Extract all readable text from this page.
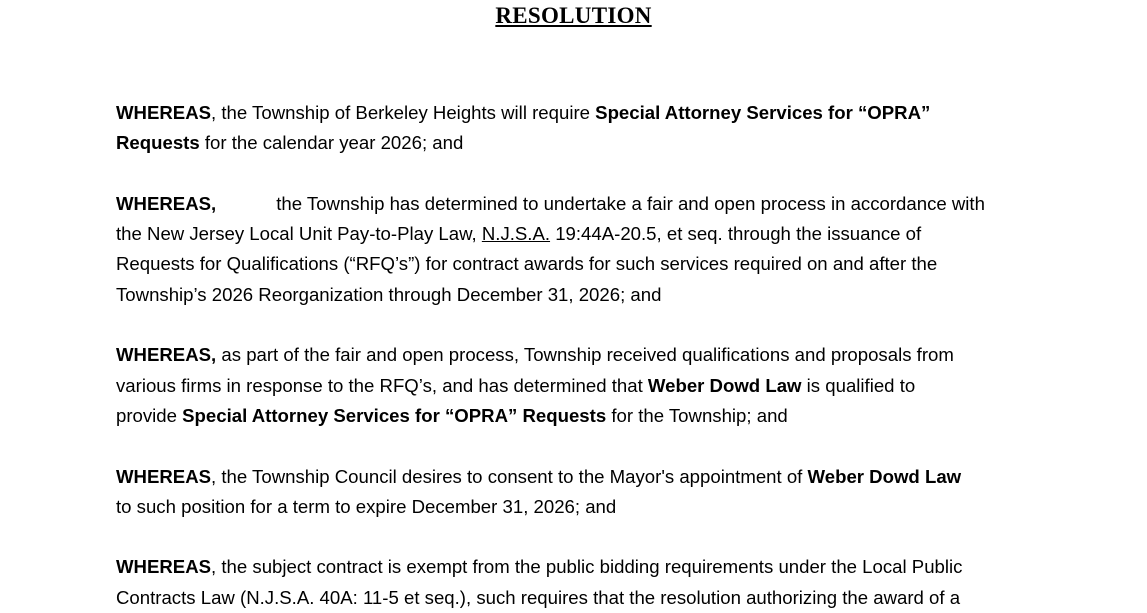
RESOLUTION
WHEREAS, the Township of Berkeley Heights will require Special Attorney Services for “OPRA”
Requests for the calendar year 2026; and
WHEREAS,	the Township has determined to undertake a fair and open process in accordance with
the New Jersey Local Unit Pay-to-Play Law, N.J.S.A. 19:44A-20.5, et seq. through the issuance of
Requests for Qualifications (“RFQ’s”) for contract awards for such services required on and after the
Township’s 2026 Reorganization through December 31, 2026; and
WHEREAS, as part of the fair and open process, Township received qualifications and proposals from
various firms in response to the RFQ’s, and has determined that Weber Dowd Law is qualified to
provide Special Attorney Services for “OPRA” Requests for the Township; and
WHEREAS, the Township Council desires to consent to the Mayor's appointment of Weber Dowd Law
to such position for a term to expire December 31, 2026; and
WHEREAS, the subject contract is exempt from the public bidding requirements under the Local Public
Contracts Law (N.J.S.A. 40A: 11-5 et seq.), such requires that the resolution authorizing the award of a
